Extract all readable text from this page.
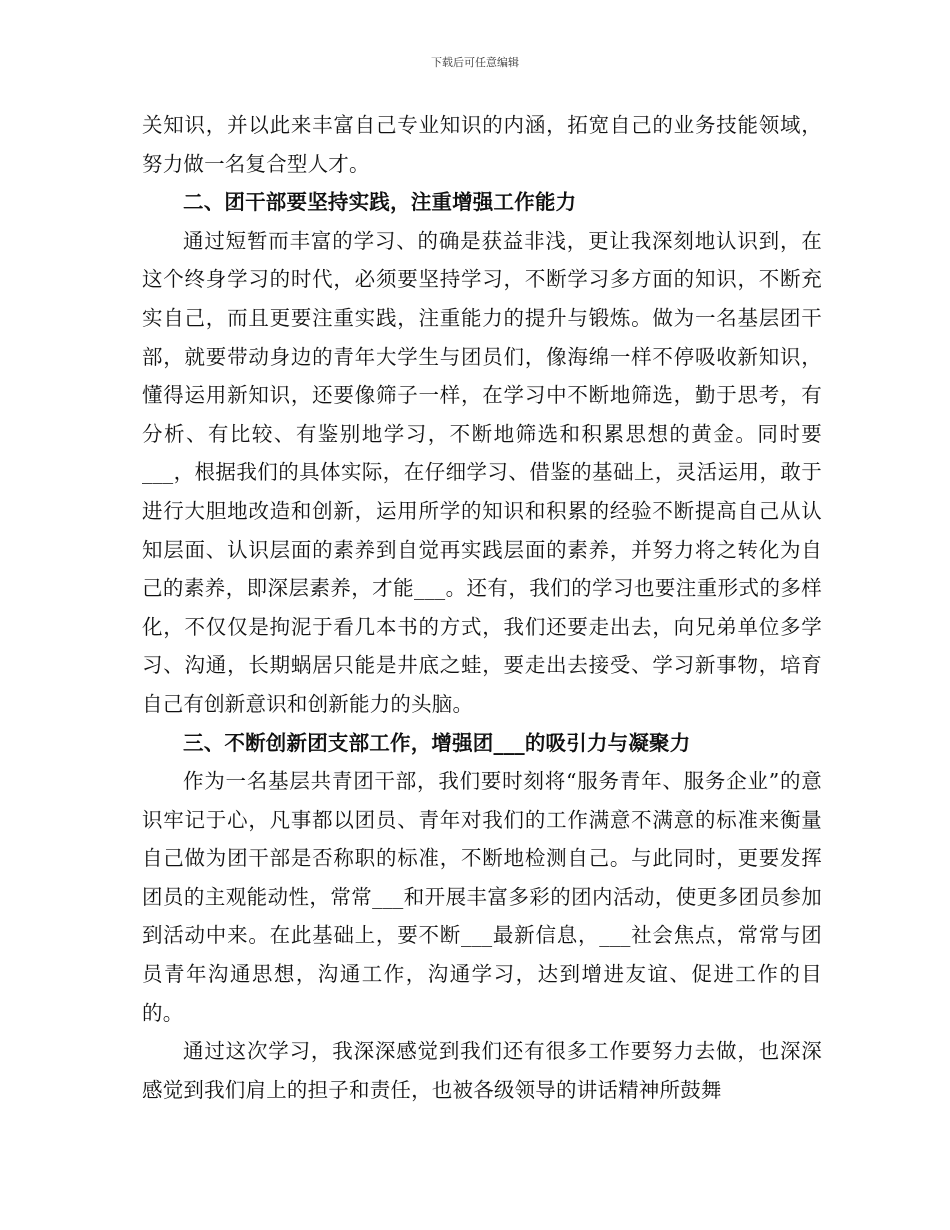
下载后可任意编辑

关知识，并以此来丰富自己专业知识的内涵，拓宽自己的业务技能领域，努力做一名复合型人才。

二、团干部要坚持实践，注重增强工作能力

通过短暂而丰富的学习、的确是获益非浅，更让我深刻地认识到，在这个终身学习的时代，必须要坚持学习，不断学习多方面的知识，不断充实自己，而且更要注重实践，注重能力的提升与锻炼。做为一名基层团干部，就要带动身边的青年大学生与团员们，像海绵一样不停吸收新知识，懂得运用新知识，还要像筛子一样，在学习中不断地筛选，勤于思考，有分析、有比较、有鉴别地学习，不断地筛选和积累思想的黄金。同时要___，根据我们的具体实际，在仔细学习、借鉴的基础上，灵活运用，敢于进行大胆地改造和创新，运用所学的知识和积累的经验不断提高自己从认知层面、认识层面的素养到自觉再实践层面的素养，并努力将之转化为自己的素养，即深层素养，才能___。还有，我们的学习也要注重形式的多样化，不仅仅是拘泥于看几本书的方式，我们还要走出去，向兄弟单位多学习、沟通，长期蜗居只能是井底之蛙，要走出去接受、学习新事物，培育自己有创新意识和创新能力的头脑。

三、不断创新团支部工作，增强团___的吸引力与凝聚力

作为一名基层共青团干部，我们要时刻将“服务青年、服务企业”的意识牢记于心，凡事都以团员、青年对我们的工作满意不满意的标准来衡量自己做为团干部是否称职的标准，不断地检测自己。与此同时，更要发挥团员的主观能动性，常常___和开展丰富多彩的团内活动，使更多团员参加到活动中来。在此基础上，要不断___最新信息，___社会焦点，常常与团员青年沟通思想，沟通工作，沟通学习，达到增进友谊、促进工作的目的。

通过这次学习，我深深感觉到我们还有很多工作要努力去做，也深深感觉到我们肩上的担子和责任，也被各级领导的讲话精神所鼓舞
